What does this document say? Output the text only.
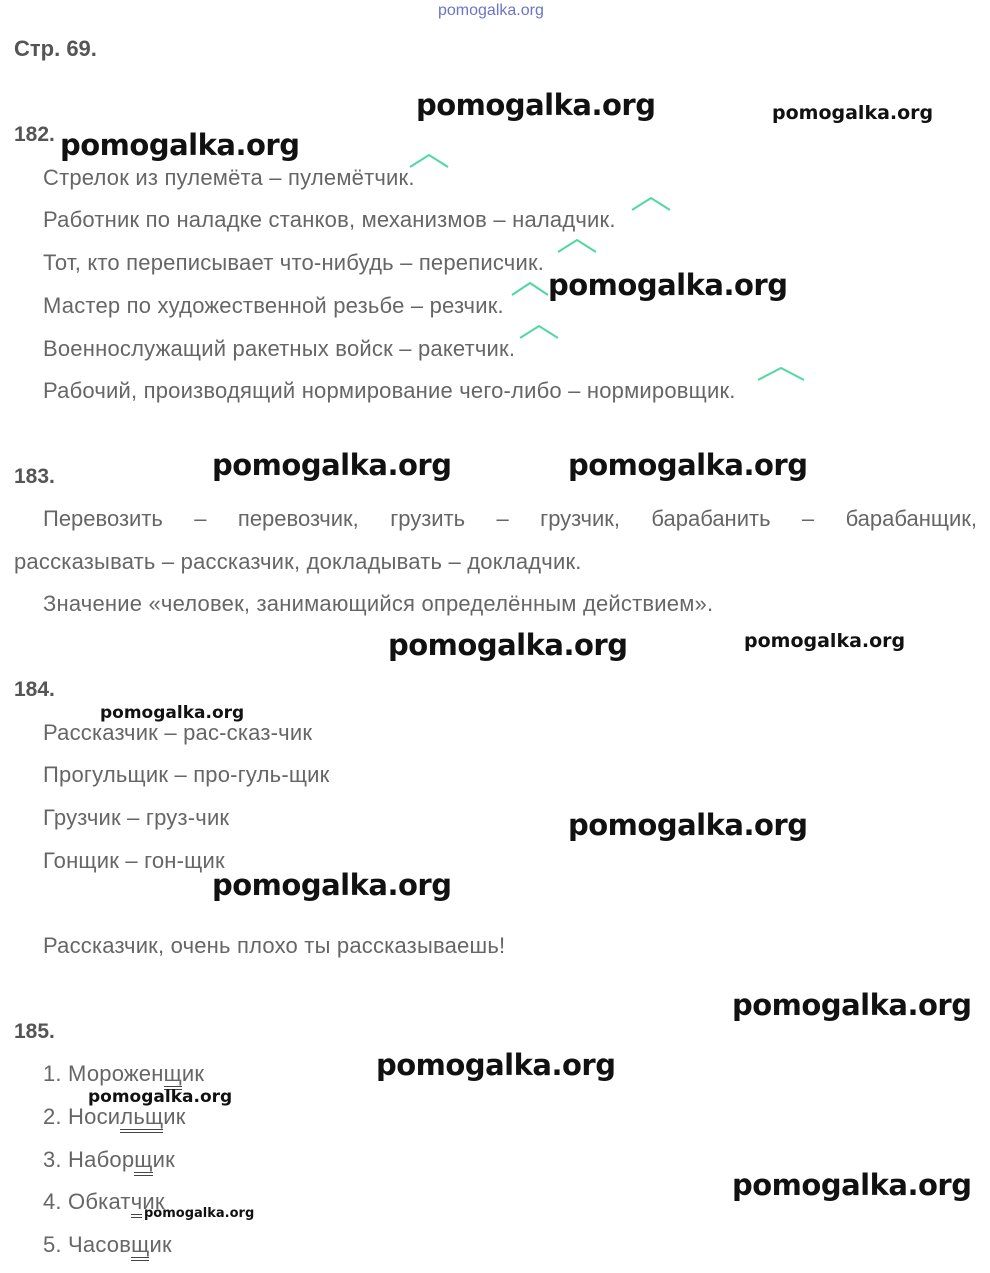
pomogalka.org
Стр. 69.
182.
Стрелок из пулемёта – пулемётчик.
Работник по наладке станков, механизмов – наладчик.
Тот, кто переписывает что-нибудь – переписчик.
Мастер по художественной резьбе – резчик.
Военнослужащий ракетных войск – ракетчик.
Рабочий, производящий нормирование чего-либо – нормировщик.
183.
Перевозить – перевозчик, грузить – грузчик, барабанить – барабанщик,
рассказывать – рассказчик, докладывать – докладчик.
Значение «человек, занимающийся определённым действием».
184.
Рассказчик – рас-сказ-чик
Прогульщик – про-гуль-щик
Грузчик – груз-чик
Гонщик – гон-щик
Рассказчик, очень плохо ты рассказываешь!
185.
1. Мороженщик
2. Носильщик
3. Наборщик
4. Обкатчик
5. Часовщик
pomogalka.org	pomogalka.org
pomogalka.org
pomogalka.org
pomogalka.org	pomogalka.org
pomogalka.org	pomogalka.org
pomogalka.org
pomogalka.org
pomogalka.org
pomogalka.org
pomogalka.org
pomogalka.org
pomogalka.org
pomogalka.org
